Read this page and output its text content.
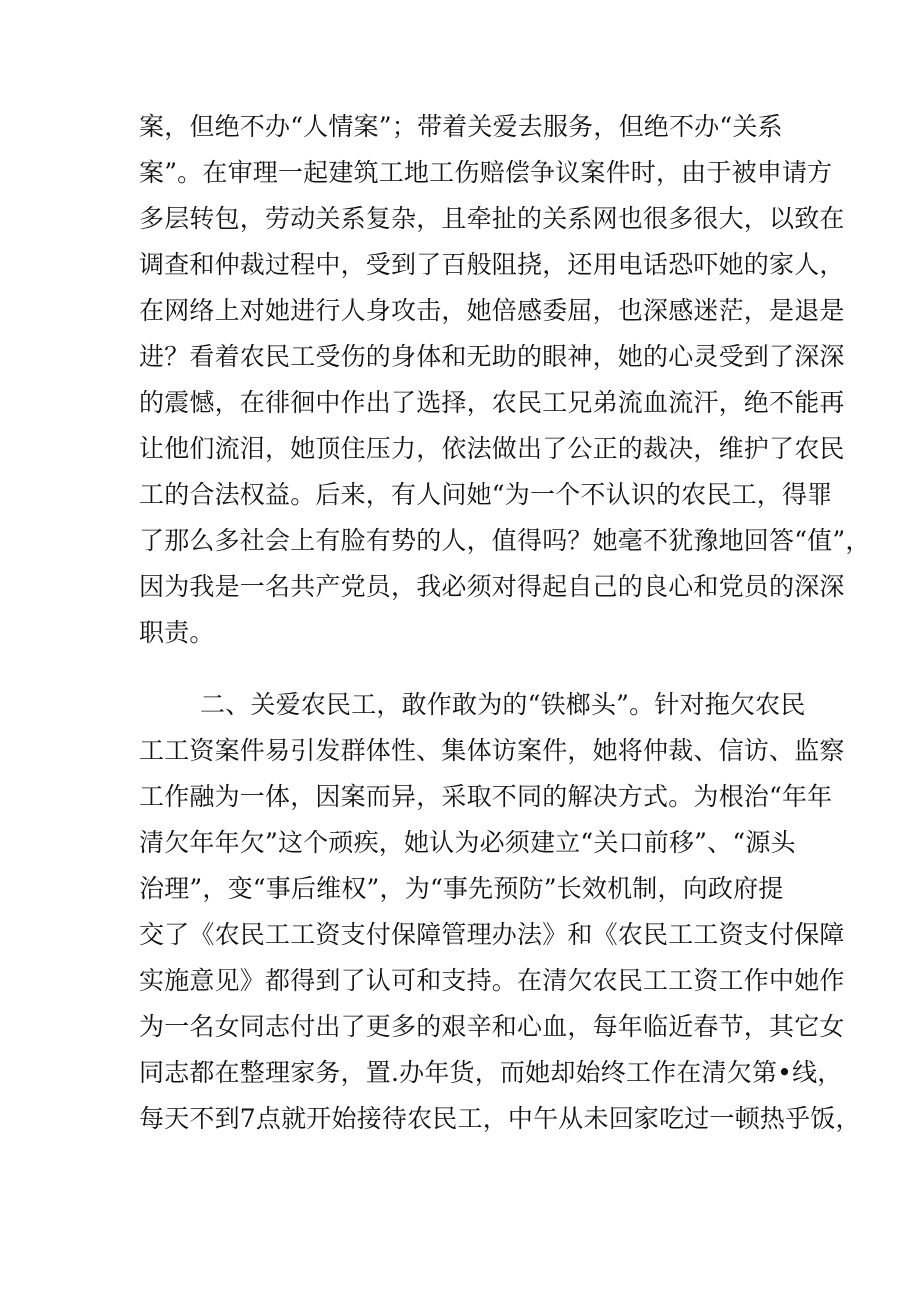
案，但绝不办“人情案”；带着关爱去服务，但绝不办“关系
案”。在审理一起建筑工地工伤赔偿争议案件时，由于被申请方
多层转包，劳动关系复杂，且牵扯的关系网也很多很大，以致在
调查和仲裁过程中，受到了百般阻挠，还用电话恐吓她的家人，
在网络上对她进行人身攻击，她倍感委屈，也深感迷茫，是退是
进？看着农民工受伤的身体和无助的眼神，她的心灵受到了深深
的震憾，在徘徊中作出了选择，农民工兄弟流血流汗，绝不能再
让他们流泪，她顶住压力，依法做出了公正的裁决，维护了农民
工的合法权益。后来，有人问她“为一个不认识的农民工，得罪
了那么多社会上有脸有势的人，值得吗？她毫不犹豫地回答“值”，
因为我是一名共产党员，我必须对得起自己的良心和党员的深深
职责。
二、关爱农民工，敢作敢为的“铁榔头”。针对拖欠农民
工工资案件易引发群体性、集体访案件，她将仲裁、信访、监察
工作融为一体，因案而异，采取不同的解决方式。为根治“年年
清欠年年欠”这个顽疾，她认为必须建立“关口前移”、“源头
治理”，变“事后维权”，为“事先预防”长效机制，向政府提
交了《农民工工资支付保障管理办法》和《农民工工资支付保障
实施意见》都得到了认可和支持。在清欠农民工工资工作中她作
为一名女同志付出了更多的艰辛和心血，每年临近春节，其它女
同志都在整理家务，置.办年货，而她却始终工作在清欠第•线，
每天不到7点就开始接待农民工，中午从未回家吃过一顿热乎饭，
